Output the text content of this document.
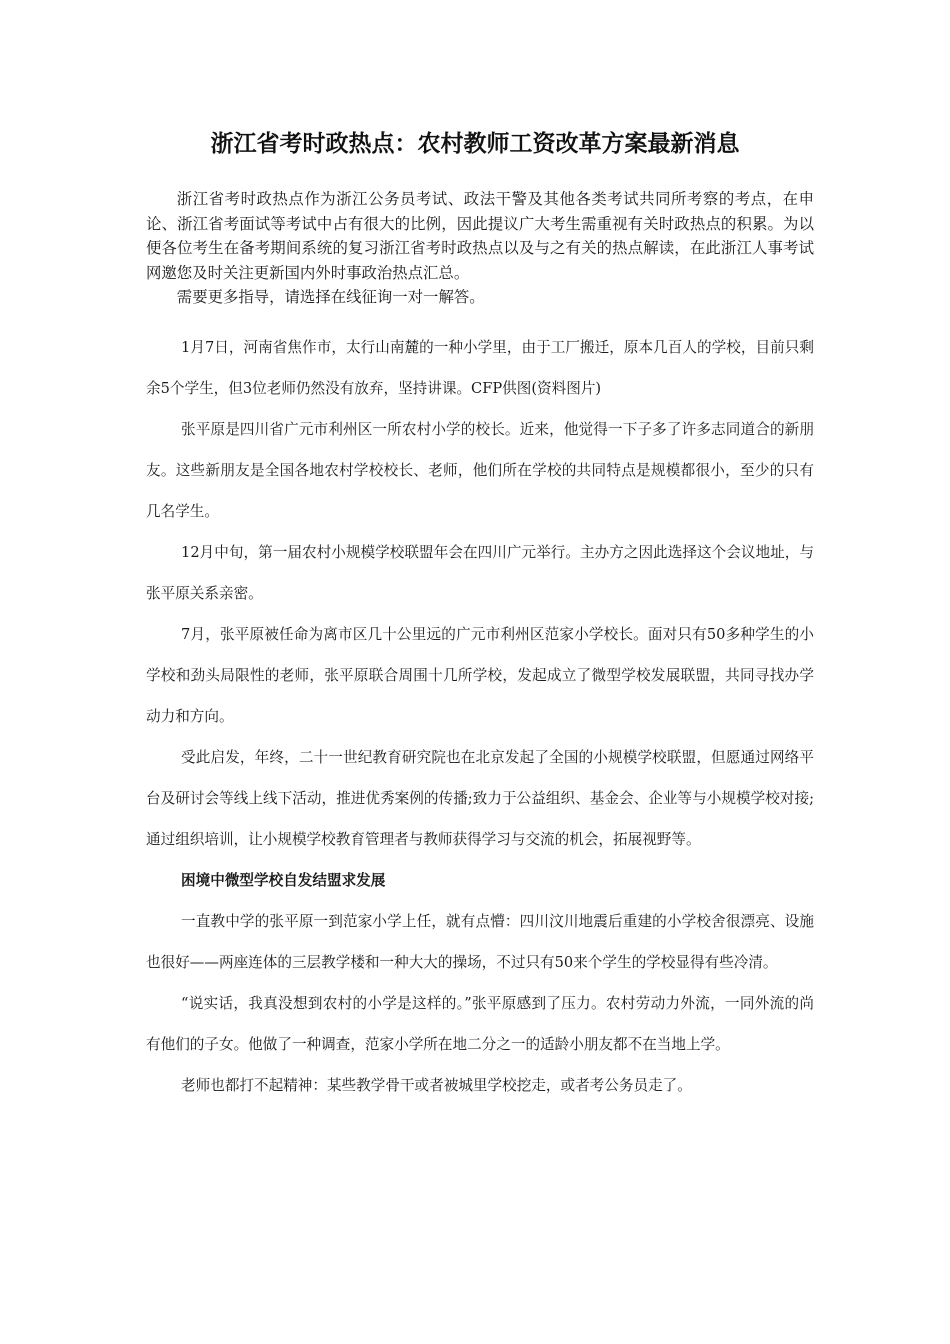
浙江省考时政热点：农村教师工资改革方案最新消息

浙江省考时政热点作为浙江公务员考试、政法干警及其他各类考试共同所考察的考点，在申论、浙江省考面试等考试中占有很大的比例，因此提议广大考生需重视有关时政热点的积累。为以便各位考生在备考期间系统的复习浙江省考时政热点以及与之有关的热点解读，在此浙江人事考试网邀您及时关注更新国内外时事政治热点汇总。

需要更多指导，请选择在线征询一对一解答。

1月7日，河南省焦作市，太行山南麓的一种小学里，由于工厂搬迁，原本几百人的学校，目前只剩余5个学生，但3位老师仍然没有放弃，坚持讲课。CFP供图(资料图片)

张平原是四川省广元市利州区一所农村小学的校长。近来，他觉得一下子多了许多志同道合的新朋友。这些新朋友是全国各地农村学校校长、老师，他们所在学校的共同特点是规模都很小，至少的只有几名学生。

12月中旬，第一届农村小规模学校联盟年会在四川广元举行。主办方之因此选择这个会议地址，与张平原关系亲密。

7月，张平原被任命为离市区几十公里远的广元市利州区范家小学校长。面对只有50多种学生的小学校和劲头局限性的老师，张平原联合周围十几所学校，发起成立了微型学校发展联盟，共同寻找办学动力和方向。

受此启发，年终，二十一世纪教育研究院也在北京发起了全国的小规模学校联盟，但愿通过网络平台及研讨会等线上线下活动，推进优秀案例的传播;致力于公益组织、基金会、企业等与小规模学校对接;通过组织培训，让小规模学校教育管理者与教师获得学习与交流的机会，拓展视野等。

困境中微型学校自发结盟求发展

一直教中学的张平原一到范家小学上任，就有点懵：四川汶川地震后重建的小学校舍很漂亮、设施也很好——两座连体的三层教学楼和一种大大的操场，不过只有50来个学生的学校显得有些冷清。

“说实话，我真没想到农村的小学是这样的。”张平原感到了压力。农村劳动力外流，一同外流的尚有他们的子女。他做了一种调查，范家小学所在地二分之一的适龄小朋友都不在当地上学。

老师也都打不起精神：某些教学骨干或者被城里学校挖走，或者考公务员走了。
